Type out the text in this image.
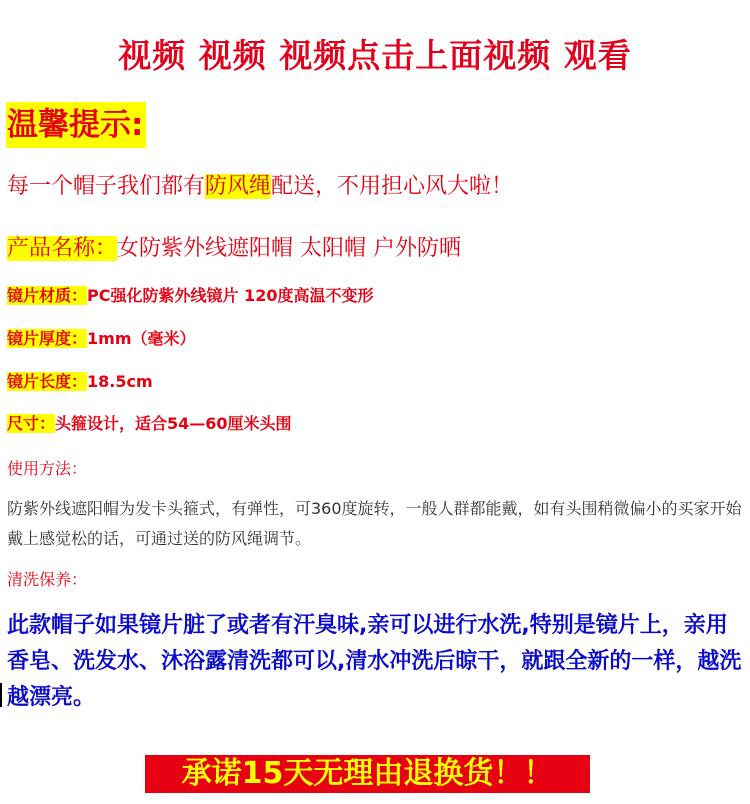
视频 视频 视频点击上面视频 观看
温馨提示:
每一个帽子我们都有防风绳配送，不用担心风大啦！
产品名称：女防紫外线遮阳帽 太阳帽 户外防晒
镜片材质：PC强化防紫外线镜片 120度高温不变形
镜片厚度：1mm（毫米）
镜片长度：18.5cm
尺寸：头箍设计，适合54—60厘米头围
使用方法：
防紫外线遮阳帽为发卡头箍式，有弹性，可360度旋转，一般人群都能戴，如有头围稍微偏小的买家开始戴上感觉松的话，可通过送的防风绳调节。
清洗保养：
此款帽子如果镜片脏了或者有汗臭味,亲可以进行水洗,特别是镜片上，亲用香皂、洗发水、沐浴露清洗都可以,清水冲洗后晾干，就跟全新的一样，越洗越漂亮。
承诺15天无理由退换货！！
